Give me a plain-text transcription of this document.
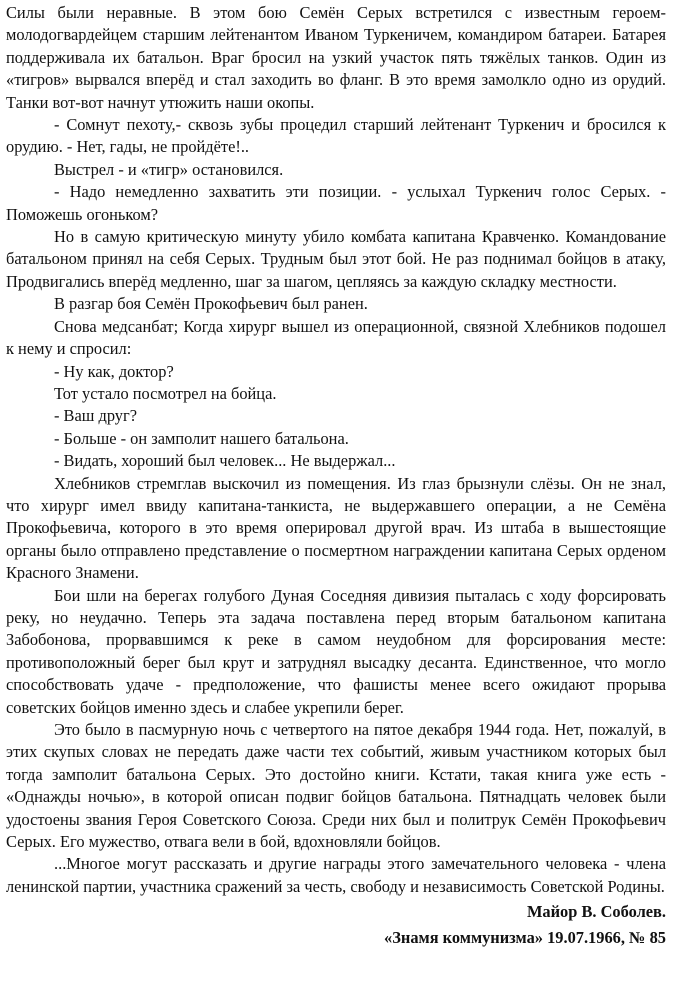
Силы были неравные. В этом бою Семён Серых встретился с известным героем-молодогвардейцем старшим лейтенантом Иваном Туркеничем, командиром батареи. Батарея поддерживала их батальон. Враг бросил на узкий участок пять тяжёлых танков. Один из «тигров» вырвался вперёд и стал заходить во фланг. В это время замолкло одно из орудий. Танки вот-вот начнут утюжить наши окопы.

- Сомнут пехоту,- сквозь зубы процедил старший лейтенант Туркенич и бросился к орудию. - Нет, гады, не пройдёте!..

Выстрел - и «тигр» остановился.

- Надо немедленно захватить эти позиции. - услыхал Туркенич голос Серых. - Поможешь огоньком?

Но в самую критическую минуту убило комбата капитана Кравченко. Командование батальоном принял на себя Серых. Трудным был этот бой. Не раз поднимал бойцов в атаку, Продвигались вперёд медленно, шаг за шагом, цепляясь за каждую складку местности.

В разгар боя Семён Прокофьевич был ранен.

Снова медсанбат; Когда хирург вышел из операционной, связной Хлебников подошел к нему и спросил:

- Ну как, доктор?

Тот устало посмотрел на бойца.

- Ваш друг?

- Больше - он замполит нашего батальона.

- Видать, хороший был человек... Не выдержал...

Хлебников стремглав выскочил из помещения. Из глаз брызнули слёзы. Он не знал, что хирург имел ввиду капитана-танкиста, не выдержавшего операции, а не Семёна Прокофьевича, которого в это время оперировал другой врач. Из штаба в вышестоящие органы было отправлено представление о посмертном награждении капитана Серых орденом Красного Знамени.

Бои шли на берегах голубого Дуная Соседняя дивизия пыталась с ходу форсировать реку, но неудачно. Теперь эта задача поставлена перед вторым батальоном капитана Забобонова, прорвавшимся к реке в самом неудобном для форсирования месте: противоположный берег был крут и затруднял высадку десанта. Единственное, что могло способствовать удаче - предположение, что фашисты менее всего ожидают прорыва советских бойцов именно здесь и слабее укрепили берег.

Это было в пасмурную ночь с четвертого на пятое декабря 1944 года. Нет, пожалуй, в этих скупых словах не передать даже части тех событий, живым участником которых был тогда замполит батальона Серых. Это достойно книги. Кстати, такая книга уже есть - «Однажды ночью», в которой описан подвиг бойцов батальона. Пятнадцать человек были удостоены звания Героя Советского Союза. Среди них был и политрук Семён Прокофьевич Серых. Его мужество, отвага вели в бой, вдохновляли бойцов.

...Многое могут рассказать и другие награды этого замечательного человека - члена ленинской партии, участника сражений за честь, свободу и независимость Советской Родины.

Майор В. Соболев.
«Знамя коммунизма» 19.07.1966, № 85
